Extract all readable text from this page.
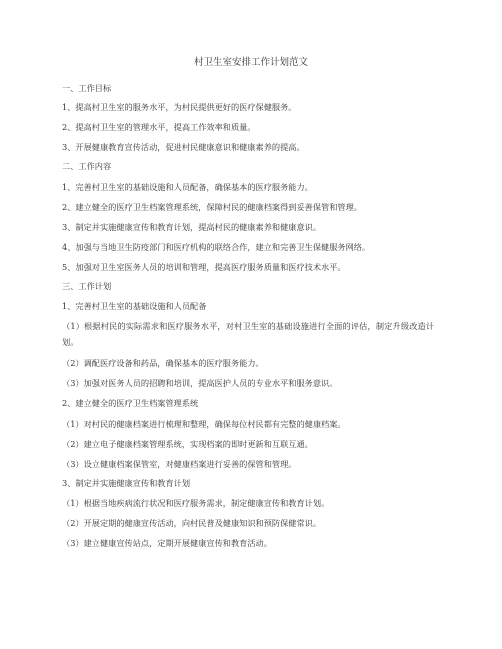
村卫生室安排工作计划范文
一、工作目标
1、提高村卫生室的服务水平，为村民提供更好的医疗保健服务。
2、提高村卫生室的管理水平，提高工作效率和质量。
3、开展健康教育宣传活动，促进村民健康意识和健康素养的提高。
二、工作内容
1、完善村卫生室的基础设施和人员配备，确保基本的医疗服务能力。
2、建立健全的医疗卫生档案管理系统，保障村民的健康档案得到妥善保管和管理。
3、制定并实施健康宣传和教育计划，提高村民的健康素养和健康意识。
4、加强与当地卫生防疫部门和医疗机构的联络合作，建立和完善卫生保健服务网络。
5、加强对卫生室医务人员的培训和管理，提高医疗服务质量和医疗技术水平。
三、工作计划
1、完善村卫生室的基础设施和人员配备
（1）根据村民的实际需求和医疗服务水平，对村卫生室的基础设施进行全面的评估，制定升级改造计划。
（2）调配医疗设备和药品，确保基本的医疗服务能力。
（3）加强对医务人员的招聘和培训，提高医护人员的专业水平和服务意识。
2、建立健全的医疗卫生档案管理系统
（1）对村民的健康档案进行梳理和整理，确保每位村民都有完整的健康档案。
（2）建立电子健康档案管理系统，实现档案的即时更新和互联互通。
（3）设立健康档案保管室，对健康档案进行妥善的保管和管理。
3、制定并实施健康宣传和教育计划
（1）根据当地疾病流行状况和医疗服务需求，制定健康宣传和教育计划。
（2）开展定期的健康宣传活动，向村民普及健康知识和预防保健常识。
（3）建立健康宣传站点，定期开展健康宣传和教育活动。
